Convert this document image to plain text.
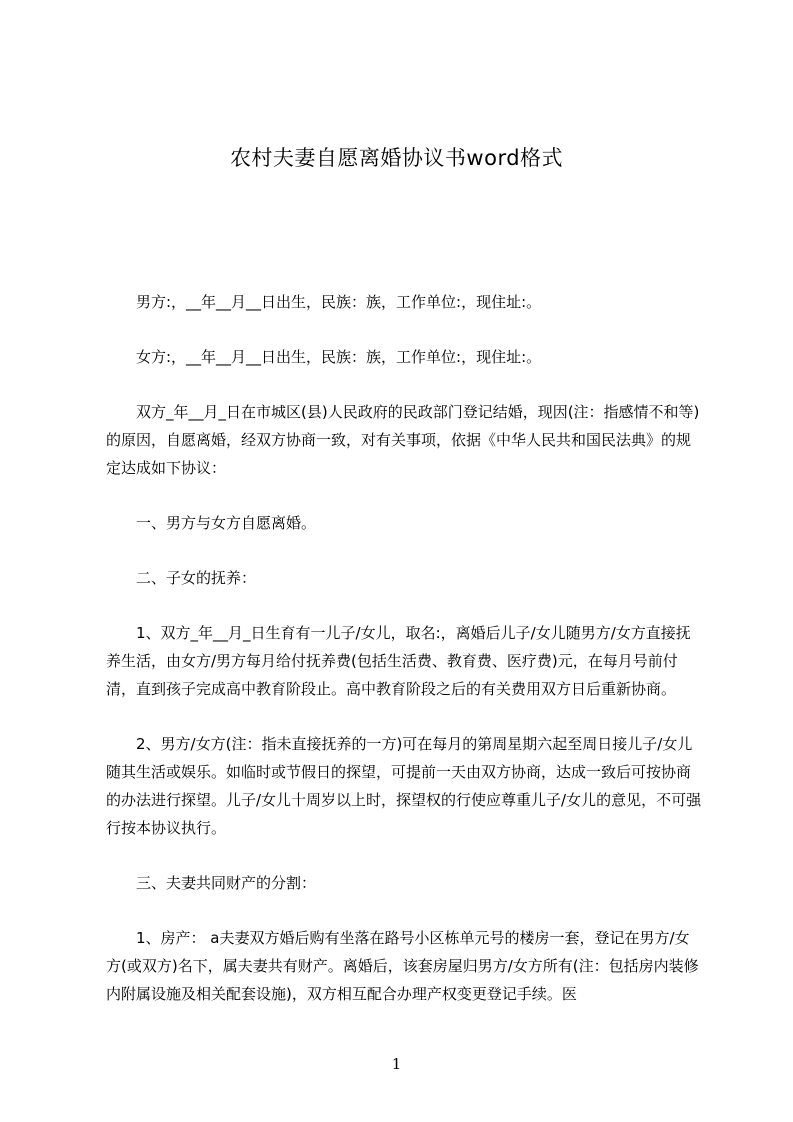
农村夫妻自愿离婚协议书word格式

男方:，__年__月__日出生，民族：族，工作单位:，现住址:。

女方:，__年__月__日出生，民族：族，工作单位:，现住址:。

双方_年__月_日在市城区(县)人民政府的民政部门登记结婚，现因(注：指感情不和等)的原因，自愿离婚，经双方协商一致，对有关事项，依据《中华人民共和国民法典》的规定达成如下协议：

一、男方与女方自愿离婚。

二、子女的抚养：

1、双方_年__月_日生育有一儿子/女儿，取名:，离婚后儿子/女儿随男方/女方直接抚养生活，由女方/男方每月给付抚养费(包括生活费、教育费、医疗费)元，在每月号前付清，直到孩子完成高中教育阶段止。高中教育阶段之后的有关费用双方日后重新协商。

2、男方/女方(注：指未直接抚养的一方)可在每月的第周星期六起至周日接儿子/女儿随其生活或娱乐。如临时或节假日的探望，可提前一天由双方协商，达成一致后可按协商的办法进行探望。儿子/女儿十周岁以上时，探望权的行使应尊重儿子/女儿的意见，不可强行按本协议执行。

三、夫妻共同财产的分割：

1、房产： a夫妻双方婚后购有坐落在路号小区栋单元号的楼房一套，登记在男方/女方(或双方)名下，属夫妻共有财产。离婚后，该套房屋归男方/女方所有(注：包括房内装修内附属设施及相关配套设施)，双方相互配合办理产权变更登记手续。医

1
